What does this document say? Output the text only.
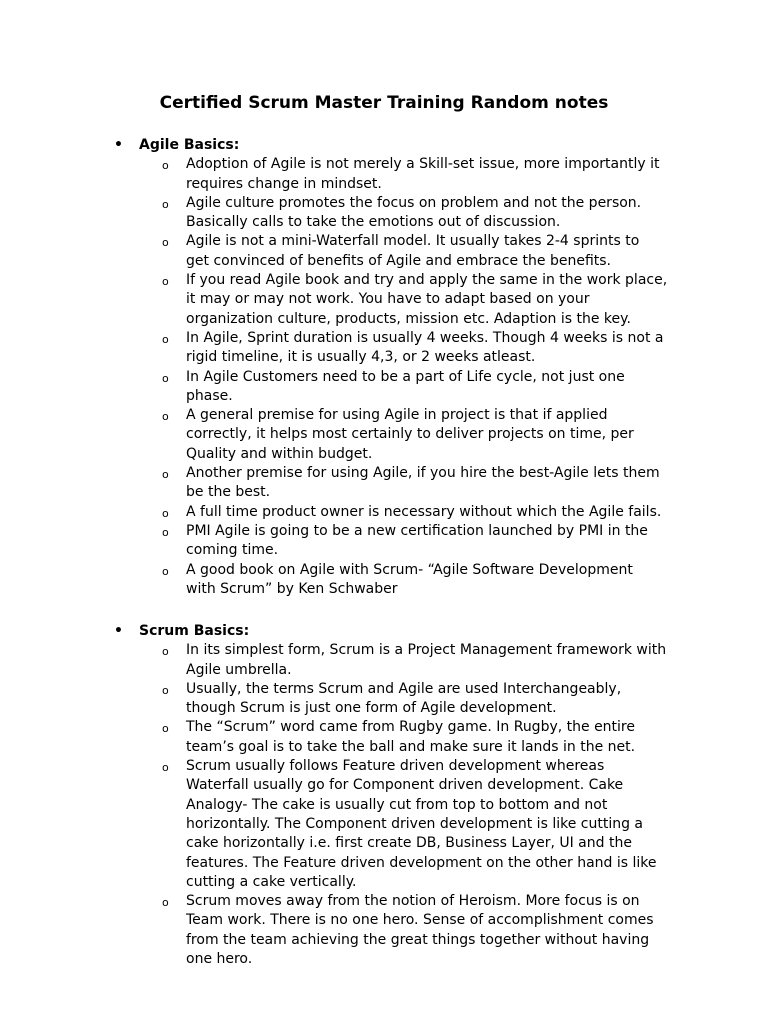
Certified Scrum Master Training Random notes
• Agile Basics:
o Adoption of Agile is not merely a Skill-set issue, more importantly it
requires change in mindset.
o Agile culture promotes the focus on problem and not the person.
Basically calls to take the emotions out of discussion.
o Agile is not a mini-Waterfall model. It usually takes 2-4 sprints to
get convinced of benefits of Agile and embrace the benefits.
o If you read Agile book and try and apply the same in the work place,
it may or may not work. You have to adapt based on your
organization culture, products, mission etc. Adaption is the key.
o In Agile, Sprint duration is usually 4 weeks. Though 4 weeks is not a
rigid timeline, it is usually 4,3, or 2 weeks atleast.
o In Agile Customers need to be a part of Life cycle, not just one
phase.
o A general premise for using Agile in project is that if applied
correctly, it helps most certainly to deliver projects on time, per
Quality and within budget.
o Another premise for using Agile, if you hire the best-Agile lets them
be the best.
o A full time product owner is necessary without which the Agile fails.
o PMI Agile is going to be a new certification launched by PMI in the
coming time.
o A good book on Agile with Scrum- “Agile Software Development
with Scrum” by Ken Schwaber
• Scrum Basics:
o In its simplest form, Scrum is a Project Management framework with
Agile umbrella.
o Usually, the terms Scrum and Agile are used Interchangeably,
though Scrum is just one form of Agile development.
o The “Scrum” word came from Rugby game. In Rugby, the entire
team’s goal is to take the ball and make sure it lands in the net.
o Scrum usually follows Feature driven development whereas
Waterfall usually go for Component driven development. Cake
Analogy- The cake is usually cut from top to bottom and not
horizontally. The Component driven development is like cutting a
cake horizontally i.e. first create DB, Business Layer, UI and the
features. The Feature driven development on the other hand is like
cutting a cake vertically.
o Scrum moves away from the notion of Heroism. More focus is on
Team work. There is no one hero. Sense of accomplishment comes
from the team achieving the great things together without having
one hero.
